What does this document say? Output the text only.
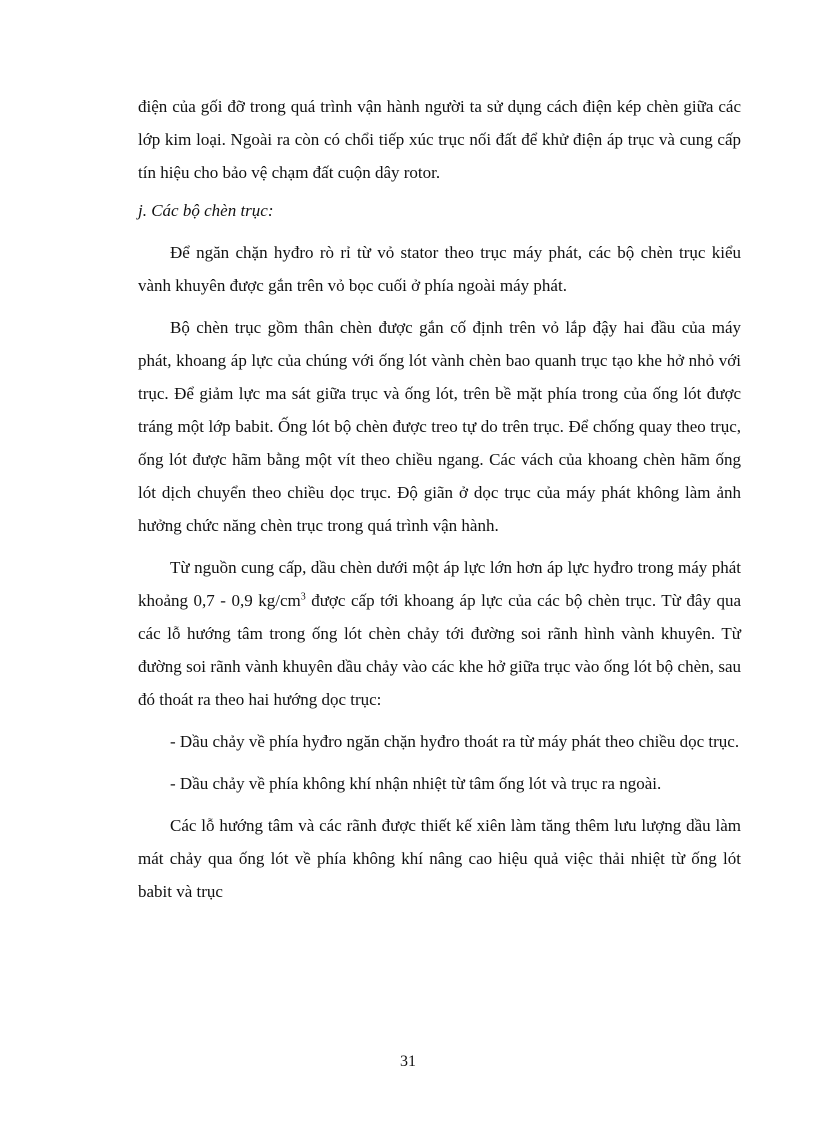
điện của gối đỡ trong quá trình vận hành người ta sử dụng cách điện kép chèn giữa các lớp kim loại. Ngoài ra còn có chổi tiếp xúc trục nối đất để khử điện áp trục và cung cấp tín hiệu cho bảo vệ chạm đất cuộn dây rotor.

j. Các bộ chèn trục:

Để ngăn chặn hyđro rò rỉ từ vỏ stator theo trục máy phát, các bộ chèn trục kiểu vành khuyên được gắn trên vỏ bọc cuối ở phía ngoài máy phát.

Bộ chèn trục gồm thân chèn được gắn cố định trên vỏ lắp đậy hai đầu của máy phát, khoang áp lực của chúng với ống lót vành chèn bao quanh trục tạo khe hở nhỏ với trục. Để giảm lực ma sát giữa trục và ống lót, trên bề mặt phía trong của ống lót được tráng một lớp babit. Ống lót bộ chèn được treo tự do trên trục. Để chống quay theo trục, ống lót được hãm bằng một vít theo chiều ngang. Các vách của khoang chèn hãm ống lót dịch chuyển theo chiều dọc trục. Độ giãn ở dọc trục của máy phát không làm ảnh hưởng chức năng chèn trục trong quá trình vận hành.

Từ nguồn cung cấp, dầu chèn dưới một áp lực lớn hơn áp lực hyđro trong máy phát khoảng 0,7 - 0,9 $kg/cm^3$ được cấp tới khoang áp lực của các bộ chèn trục. Từ đây qua các lỗ hướng tâm trong ống lót chèn chảy tới đường soi rãnh hình vành khuyên. Từ đường soi rãnh vành khuyên dầu chảy vào các khe hở giữa trục vào ống lót bộ chèn, sau đó thoát ra theo hai hướng dọc trục:

- Dầu chảy về phía hyđro ngăn chặn hyđro thoát ra từ máy phát theo chiều dọc trục.

- Dầu chảy về phía không khí nhận nhiệt từ tâm ống lót và trục ra ngoài.

Các lỗ hướng tâm và các rãnh được thiết kế xiên làm tăng thêm lưu lượng dầu làm mát chảy qua ống lót về phía không khí nâng cao hiệu quả việc thải nhiệt từ ống lót babit và trục

31
